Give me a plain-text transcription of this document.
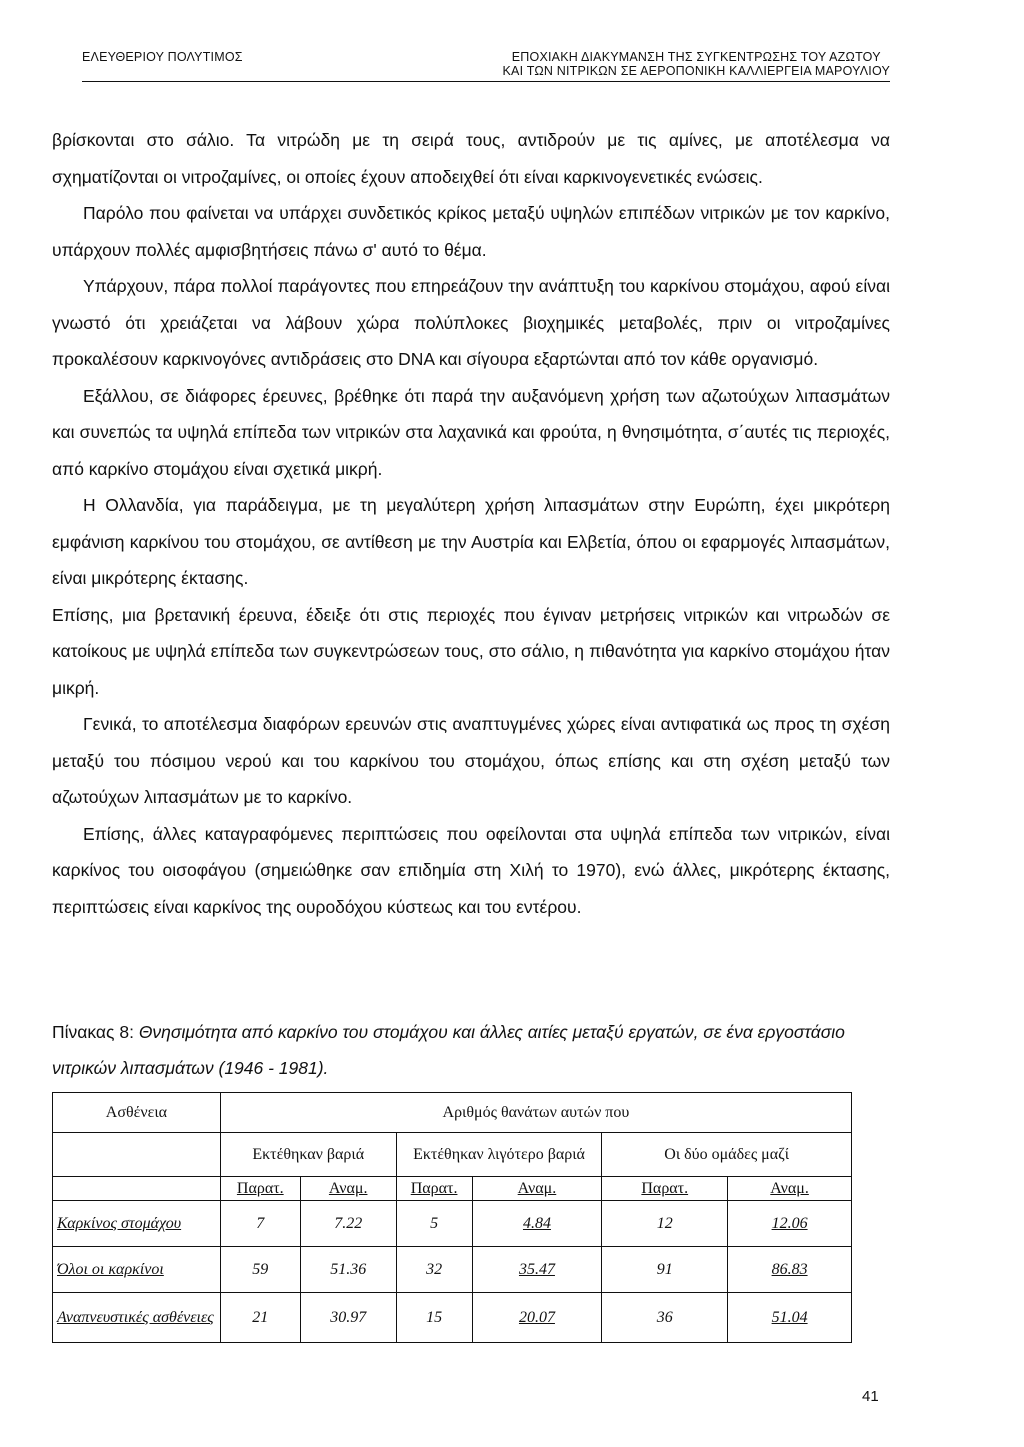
ΕΛΕΥΘΕΡΙΟΥ ΠΟΛΥΤΙΜΟΣ	ΕΠΟΧΙΑΚΗ ΔΙΑΚΥΜΑΝΣΗ ΤΗΣ ΣΥΓΚΕΝΤΡΩΣΗΣ ΤΟΥ ΑΖΩΤΟΥ
ΚΑΙ ΤΩΝ ΝΙΤΡΙΚΩΝ ΣΕ ΑΕΡΟΠΟΝΙΚΗ ΚΑΛΛΙΕΡΓΕΙΑ ΜΑΡΟΥΛΙΟΥ

βρίσκονται στο σάλιο. Τα νιτρώδη με τη σειρά τους, αντιδρούν με τις αμίνες, με αποτέλεσμα να σχηματίζονται οι νιτροζαμίνες, οι οποίες έχουν αποδειχθεί ότι είναι καρκινογενετικές ενώσεις.

Παρόλο που φαίνεται να υπάρχει συνδετικός κρίκος μεταξύ υψηλών επιπέδων νιτρικών με τον καρκίνο, υπάρχουν πολλές αμφισβητήσεις πάνω σ' αυτό το θέμα.

Υπάρχουν, πάρα πολλοί παράγοντες που επηρεάζουν την ανάπτυξη του καρκίνου στομάχου, αφού είναι γνωστό ότι χρειάζεται να λάβουν χώρα πολύπλοκες βιοχημικές μεταβολές, πριν οι νιτροζαμίνες προκαλέσουν καρκινογόνες αντιδράσεις στο DNA και σίγουρα εξαρτώνται από τον κάθε οργανισμό.

Εξάλλου, σε διάφορες έρευνες, βρέθηκε ότι παρά την αυξανόμενη χρήση των αζωτούχων λιπασμάτων και συνεπώς τα υψηλά επίπεδα των νιτρικών στα λαχανικά και φρούτα, η θνησιμότητα, σ΄αυτές τις περιοχές, από καρκίνο στομάχου είναι σχετικά μικρή.

Η Ολλανδία, για παράδειγμα, με τη μεγαλύτερη χρήση λιπασμάτων στην Ευρώπη, έχει μικρότερη εμφάνιση καρκίνου του στομάχου, σε αντίθεση με την Αυστρία και Ελβετία, όπου οι εφαρμογές λιπασμάτων, είναι μικρότερης έκτασης.

Επίσης, μια βρετανική έρευνα, έδειξε ότι στις περιοχές που έγιναν μετρήσεις νιτρικών και νιτρωδών σε κατοίκους με υψηλά επίπεδα των συγκεντρώσεων τους, στο σάλιο, η πιθανότητα για καρκίνο στομάχου ήταν μικρή.

Γενικά, το αποτέλεσμα διαφόρων ερευνών στις αναπτυγμένες χώρες είναι αντιφατικά ως προς τη σχέση μεταξύ του πόσιμου νερού και του καρκίνου του στομάχου, όπως επίσης και στη σχέση μεταξύ των αζωτούχων λιπασμάτων με το καρκίνο.

Επίσης, άλλες καταγραφόμενες περιπτώσεις που οφείλονται στα υψηλά επίπεδα των νιτρικών, είναι καρκίνος του οισοφάγου (σημειώθηκε σαν επιδημία στη Χιλή το 1970), ενώ άλλες, μικρότερης έκτασης, περιπτώσεις είναι καρκίνος της ουροδόχου κύστεως και του εντέρου.

Πίνακας 8: Θνησιμότητα από καρκίνο του στομάχου και άλλες αιτίες μεταξύ εργατών, σε ένα εργοστάσιο νιτρικών λιπασμάτων (1946 - 1981).
Ασθένεια	Αριθμός θανάτων αυτών που					
	Εκτέθηκαν βαριά		Εκτέθηκαν λιγότερο βαριά		Οι δύο ομάδες μαζί	
	Παρατ.	Αναμ.	Παρατ.	Αναμ.	Παρατ.	Αναμ.
Καρκίνος στομάχου	7	7.22	5	4.84	12	12.06
Όλοι οι καρκίνοι	59	51.36	32	35.47	91	86.83
Αναπνευστικές ασθένειες	21	30.97	15	20.07	36	51.04
41
